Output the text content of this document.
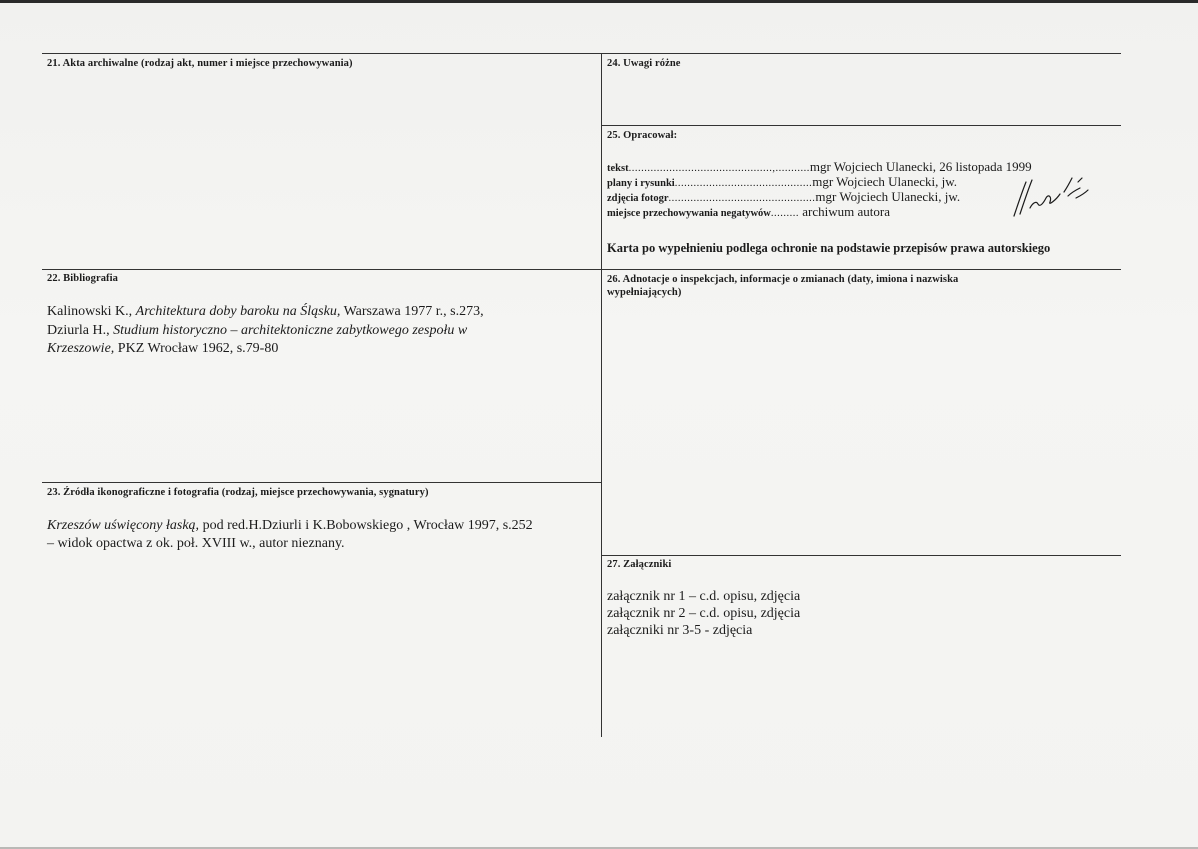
21. Akta archiwalne (rodzaj akt, numer i miejsce przechowywania)	24. Uwagi różne
25. Opracował:
tekst..............................................,...........mgr Wojciech Ulanecki, 26 listopada 1999
plany i rysunki............................................mgr Wojciech Ulanecki, jw.
zdjęcia fotogr...............................................mgr Wojciech Ulanecki, jw.
miejsce przechowywania negatywów......... archiwum autora
Karta po wypełnieniu podlega ochronie na podstawie przepisów prawa autorskiego
22. Bibliografia
Kalinowski K., Architektura doby baroku na Śląsku, Warszawa 1977 r., s.273,
Dziurla H., Studium historyczno – architektoniczne zabytkowego zespołu w
Krzeszowie, PKZ Wrocław 1962, s.79-80
26. Adnotacje o inspekcjach, informacje o zmianach (daty, imiona i nazwiska
wypełniających)
23. Źródła ikonograficzne i fotografia (rodzaj, miejsce przechowywania, sygnatury)
Krzeszów uświęcony łaską, pod red.H.Dziurli i K.Bobowskiego , Wrocław 1997, s.252
– widok opactwa z ok. poł. XVIII w., autor nieznany.
27. Załączniki
załącznik nr 1 – c.d. opisu, zdjęcia
załącznik nr 2 – c.d. opisu, zdjęcia
załączniki nr 3-5 - zdjęcia
